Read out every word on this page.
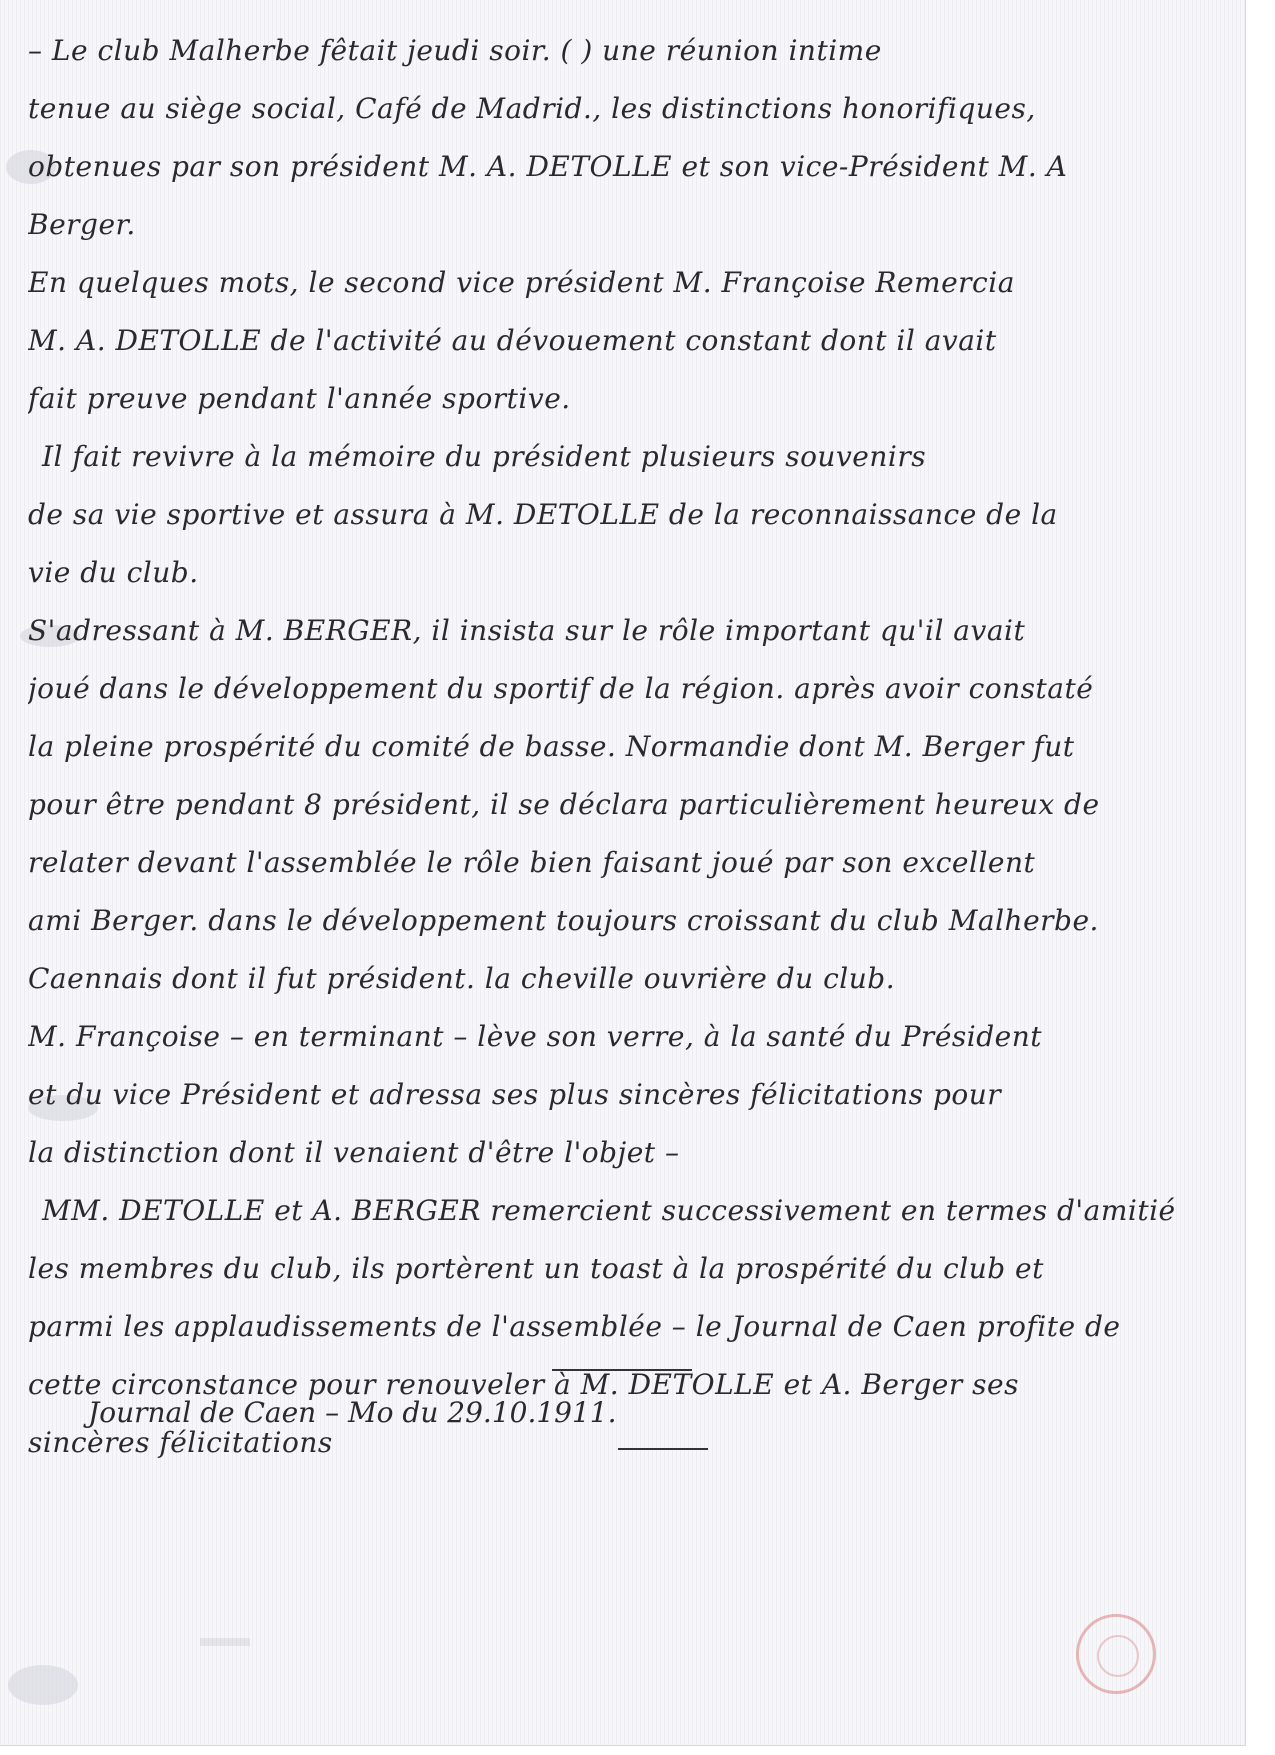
– Le club Malherbe fêtait jeudi soir. ( ) une réunion intime
tenue au siège social, Café de Madrid., les distinctions honorifiques,
obtenues par son président M. A. DETOLLE et son vice-Président M. A
Berger.
En quelques mots, le second vice président M. Françoise Remercia
M. A. DETOLLE de l'activité au dévouement constant dont il avait
fait preuve pendant l'année sportive.
Il fait revivre à la mémoire du président plusieurs souvenirs
de sa vie sportive et assura à M. DETOLLE de la reconnaissance de la
vie du club.
S'adressant à M. BERGER, il insista sur le rôle important qu'il avait
joué dans le développement du sportif de la région. après avoir constaté
la pleine prospérité du comité de basse. Normandie dont M. Berger fut
pour être pendant 8 président, il se déclara particulièrement heureux de
relater devant l'assemblée le rôle bien faisant joué par son excellent
ami Berger. dans le développement toujours croissant du club Malherbe.
Caennais dont il fut président. la cheville ouvrière du club.
M. Françoise – en terminant – lève son verre, à la santé du Président
et du vice Président et adressa ses plus sincères félicitations pour
la distinction dont il venaient d'être l'objet –
MM. DETOLLE et A. BERGER remercient successivement en termes d'amitié
les membres du club, ils portèrent un toast à la prospérité du club et
parmi les applaudissements de l'assemblée – le Journal de Caen profite de
cette circonstance pour renouveler à M. DETOLLE et A. Berger ses
sincères félicitations
Journal de Caen – Mo du 29.10.1911.
